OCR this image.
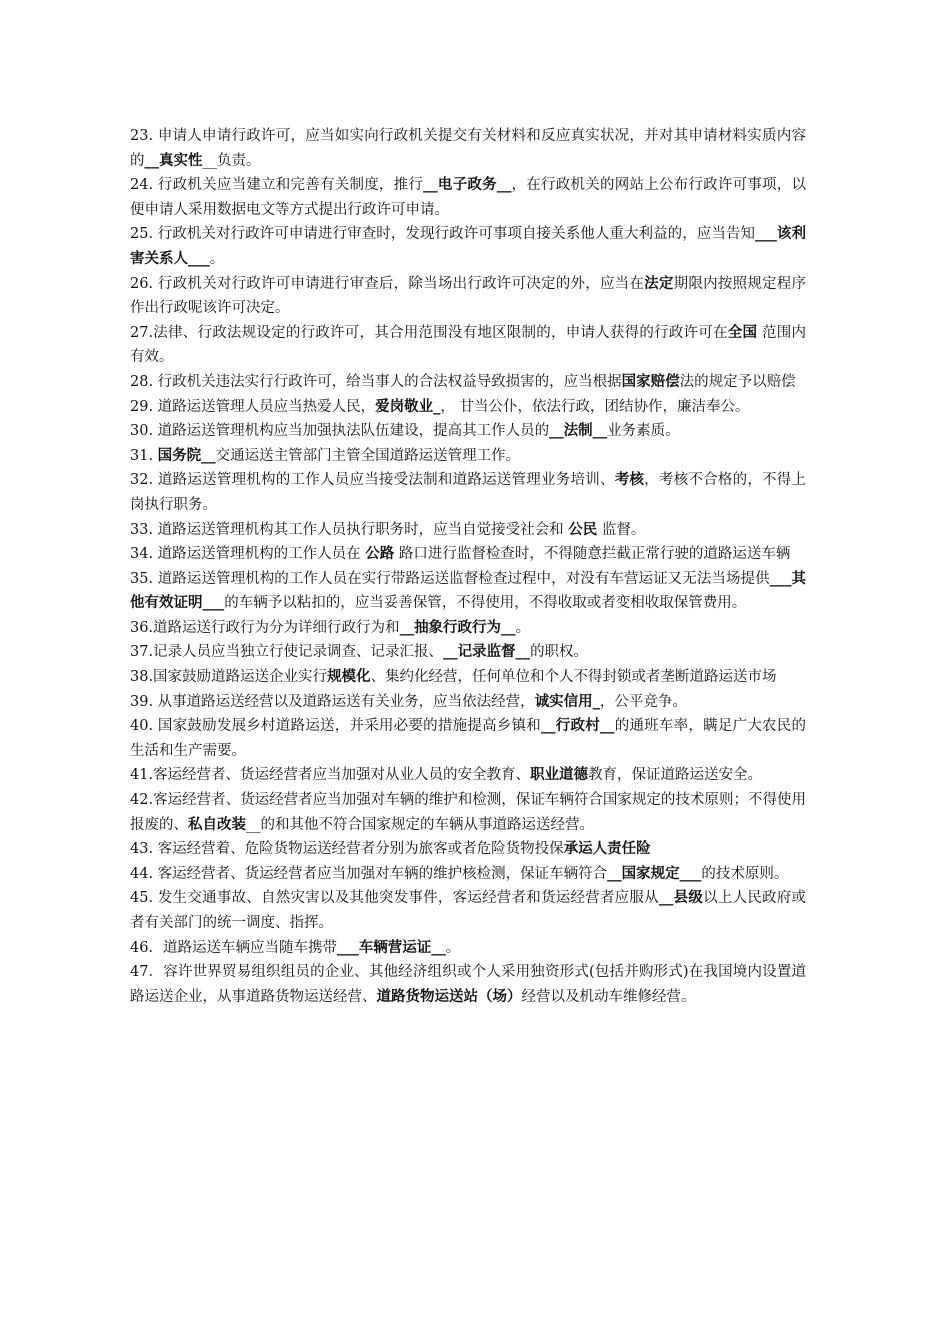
23. 申请人申请行政许可，应当如实向行政机关提交有关材料和反应真实状况，并对其申请材料实质内容的__真实性__负责。

24. 行政机关应当建立和完善有关制度，推行__电子政务__，在行政机关的网站上公布行政许可事项，以便申请人采用数据电文等方式提出行政许可申请。

25. 行政机关对行政许可申请进行审查时，发现行政许可事项自接关系他人重大利益的，应当告知___该利害关系人___。

26. 行政机关对行政许可申请进行审查后，除当场出行政许可决定的外，应当在法定期限内按照规定程序作出行政呢该许可决定。

27.法律、行政法规设定的行政许可，其合用范围没有地区限制的，申请人获得的行政许可在全国 范围内有效。

28. 行政机关违法实行行政许可，给当事人的合法权益导致损害的，应当根据国家赔偿法的规定予以赔偿

29. 道路运送管理人员应当热爱人民，爱岗敬业_， 甘当公仆，依法行政，团结协作，廉洁奉公。

30. 道路运送管理机构应当加强执法队伍建设，提高其工作人员的__法制__业务素质。

31. 国务院__交通运送主管部门主管全国道路运送管理工作。

32. 道路运送管理机构的工作人员应当接受法制和道路运送管理业务培训、考核，考核不合格的，不得上岗执行职务。

33. 道路运送管理机构其工作人员执行职务时，应当自觉接受社会和 公民 监督。

34. 道路运送管理机构的工作人员在 公路 路口进行监督检查时，不得随意拦截正常行驶的道路运送车辆

35. 道路运送管理机构的工作人员在实行带路运送监督检查过程中，对没有车营运证又无法当场提供___其他有效证明___的车辆予以粘扣的，应当妥善保管，不得使用，不得收取或者变相收取保管费用。

36.道路运送行政行为分为详细行政行为和__抽象行政行为__。

37.记录人员应当独立行使记录调查、记录汇报、__记录监督__的职权。

38.国家鼓励道路运送企业实行规模化、集约化经营，任何单位和个人不得封锁或者垄断道路运送市场

39. 从事道路运送经营以及道路运送有关业务，应当依法经营，诚实信用_，公平竞争。

40. 国家鼓励发展乡村道路运送，并采用必要的措施提高乡镇和__行政村__的通班车率，瞒足广大农民的生活和生产需要。

41.客运经营者、货运经营者应当加强对从业人员的安全教育、职业道德教育，保证道路运送安全。

42.客运经营者、货运经营者应当加强对车辆的维护和检测，保证车辆符合国家规定的技术原则；不得使用报废的、私自改装__的和其他不符合国家规定的车辆从事道路运送经营。

43. 客运经营着、危险货物运送经营者分别为旅客或者危险货物投保承运人责任险

44. 客运经营者、货运经营者应当加强对车辆的维护核检测，保证车辆符合__国家规定___的技术原则。

45. 发生交通事故、自然灾害以及其他突发事件，客运经营者和货运经营者应服从__县级以上人民政府或者有关部门的统一调度、指挥。

46．道路运送车辆应当随车携带___车辆营运证__。

47．容许世界贸易组织组员的企业、其他经济组织或个人采用独资形式(包括并购形式)在我国境内设置道路运送企业，从事道路货物运送经营、道路货物运送站（场）经营以及机动车维修经营。
